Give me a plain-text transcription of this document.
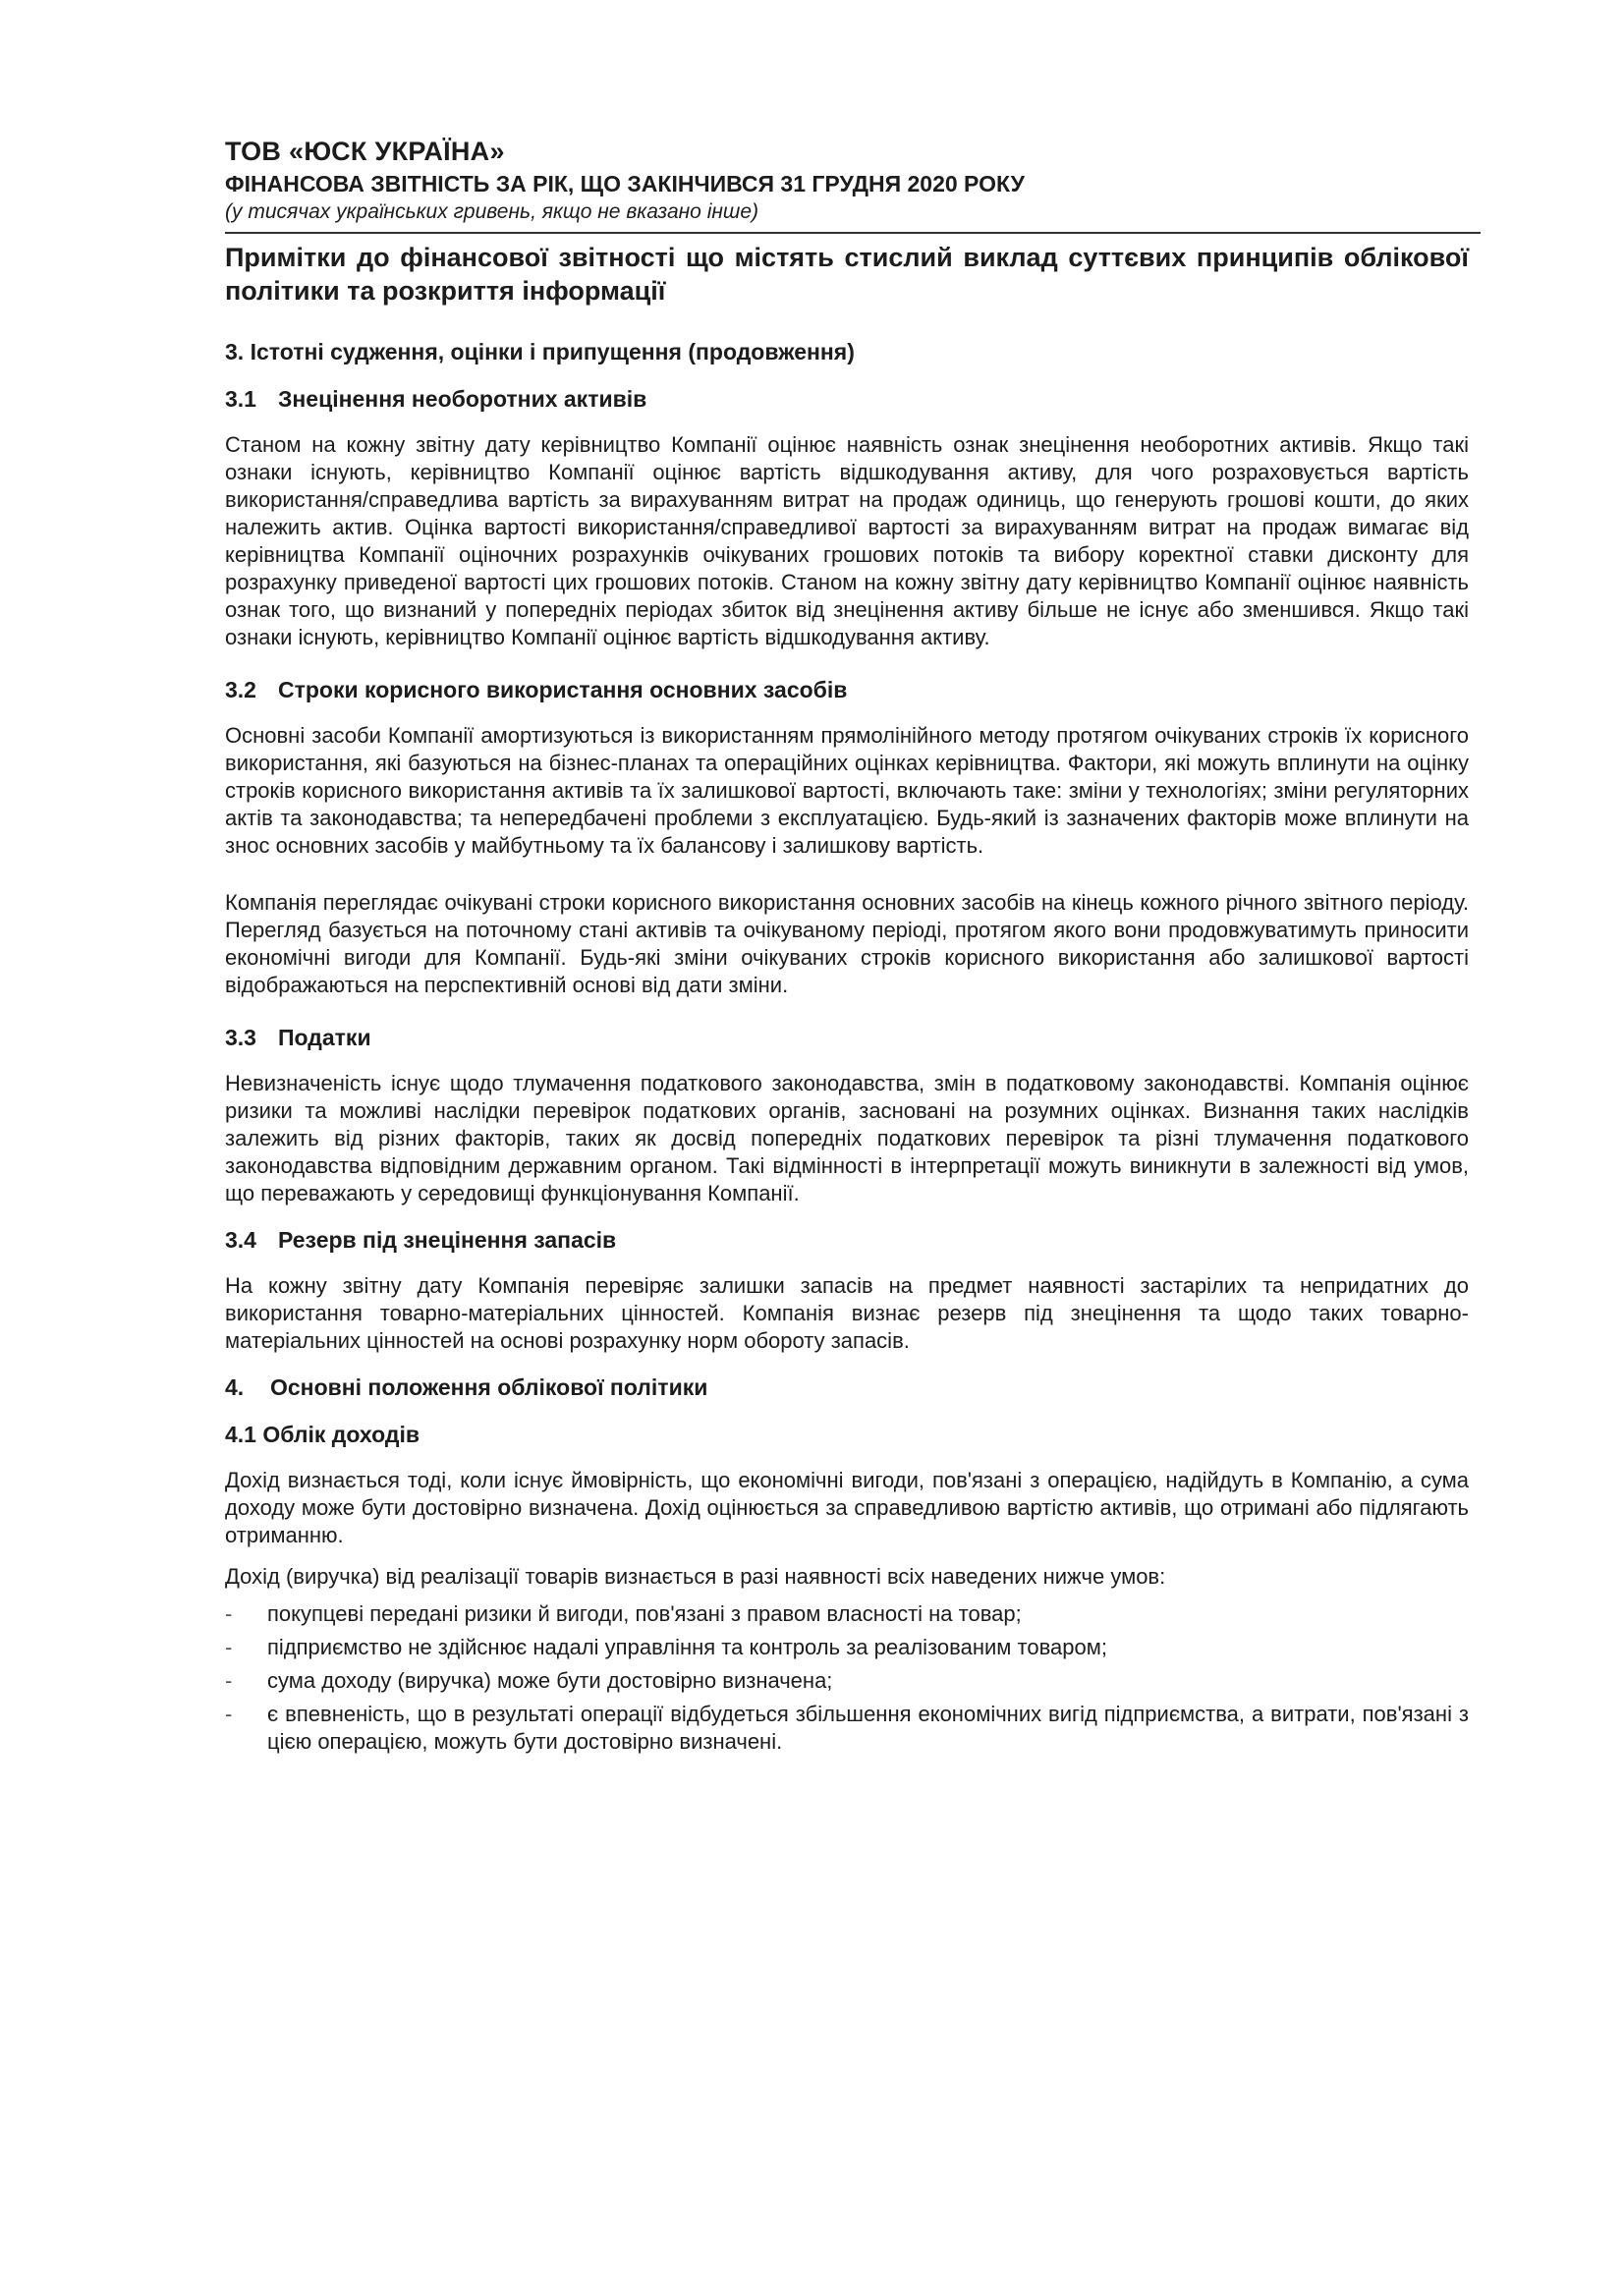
ТОВ «ЮСК УКРАЇНА»
ФІНАНСОВА ЗВІТНІСТЬ ЗА РІК, ЩО ЗАКІНЧИВСЯ 31 ГРУДНЯ 2020 РОКУ
(у тисячах українських гривень, якщо не вказано інше)
Примітки до фінансової звітності що містять стислий виклад суттєвих принципів облікової політики та розкриття інформації
3. Істотні судження, оцінки і припущення (продовження)
3.1 Знецінення необоротних активів

Станом на кожну звітну дату керівництво Компанії оцінює наявність ознак знецінення необоротних активів. Якщо такі ознаки існують, керівництво Компанії оцінює вартість відшкодування активу, для чого розраховується вартість використання/справедлива вартість за вирахуванням витрат на продаж одиниць, що генерують грошові кошти, до яких належить актив. Оцінка вартості використання/справедливої вартості за вирахуванням витрат на продаж вимагає від керівництва Компанії оціночних розрахунків очікуваних грошових потоків та вибору коректної ставки дисконту для розрахунку приведеної вартості цих грошових потоків. Станом на кожну звітну дату керівництво Компанії оцінює наявність ознак того, що визнаний у попередніх періодах збиток від знецінення активу більше не існує або зменшився. Якщо такі ознаки існують, керівництво Компанії оцінює вартість відшкодування активу.

3.2 Строки корисного використання основних засобів

Основні засоби Компанії амортизуються із використанням прямолінійного методу протягом очікуваних строків їх корисного використання, які базуються на бізнес-планах та операційних оцінках керівництва. Фактори, які можуть вплинути на оцінку строків корисного використання активів та їх залишкової вартості, включають таке: зміни у технологіях; зміни регуляторних актів та законодавства; та непередбачені проблеми з експлуатацією. Будь-який із зазначених факторів може вплинути на знос основних засобів у майбутньому та їх балансову і залишкову вартість.

Компанія переглядає очікувані строки корисного використання основних засобів на кінець кожного річного звітного періоду. Перегляд базується на поточному стані активів та очікуваному періоді, протягом якого вони продовжуватимуть приносити економічні вигоди для Компанії. Будь-які зміни очікуваних строків корисного використання або залишкової вартості відображаються на перспективній основі від дати зміни.

3.3 Податки

Невизначеність існує щодо тлумачення податкового законодавства, змін в податковому законодавстві. Компанія оцінює ризики та можливі наслідки перевірок податкових органів, засновані на розумних оцінках. Визнання таких наслідків залежить від різних факторів, таких як досвід попередніх податкових перевірок та різні тлумачення податкового законодавства відповідним державним органом. Такі відмінності в інтерпретації можуть виникнути в залежності від умов, що переважають у середовищі функціонування Компанії.

3.4 Резерв під знецінення запасів

На кожну звітну дату Компанія перевіряє залишки запасів на предмет наявності застарілих та непридатних до використання товарно-матеріальних цінностей. Компанія визнає резерв під знецінення та щодо таких товарно-матеріальних цінностей на основі розрахунку норм обороту запасів.

4. Основні положення облікової політики
4.1 Облік доходів

Дохід визнається тоді, коли існує ймовірність, що економічні вигоди, пов'язані з операцією, надійдуть в Компанію, а сума доходу може бути достовірно визначена. Дохід оцінюється за справедливою вартістю активів, що отримані або підлягають отриманню.

Дохід (виручка) від реалізації товарів визнається в разі наявності всіх наведених нижче умов:

- покупцеві передані ризики й вигоди, пов'язані з правом власності на товар;
- підприємство не здійснює надалі управління та контроль за реалізованим товаром;
- сума доходу (виручка) може бути достовірно визначена;
- є впевненість, що в результаті операції відбудеться збільшення економічних вигід підприємства, а витрати, пов'язані з цією операцією, можуть бути достовірно визначені.
